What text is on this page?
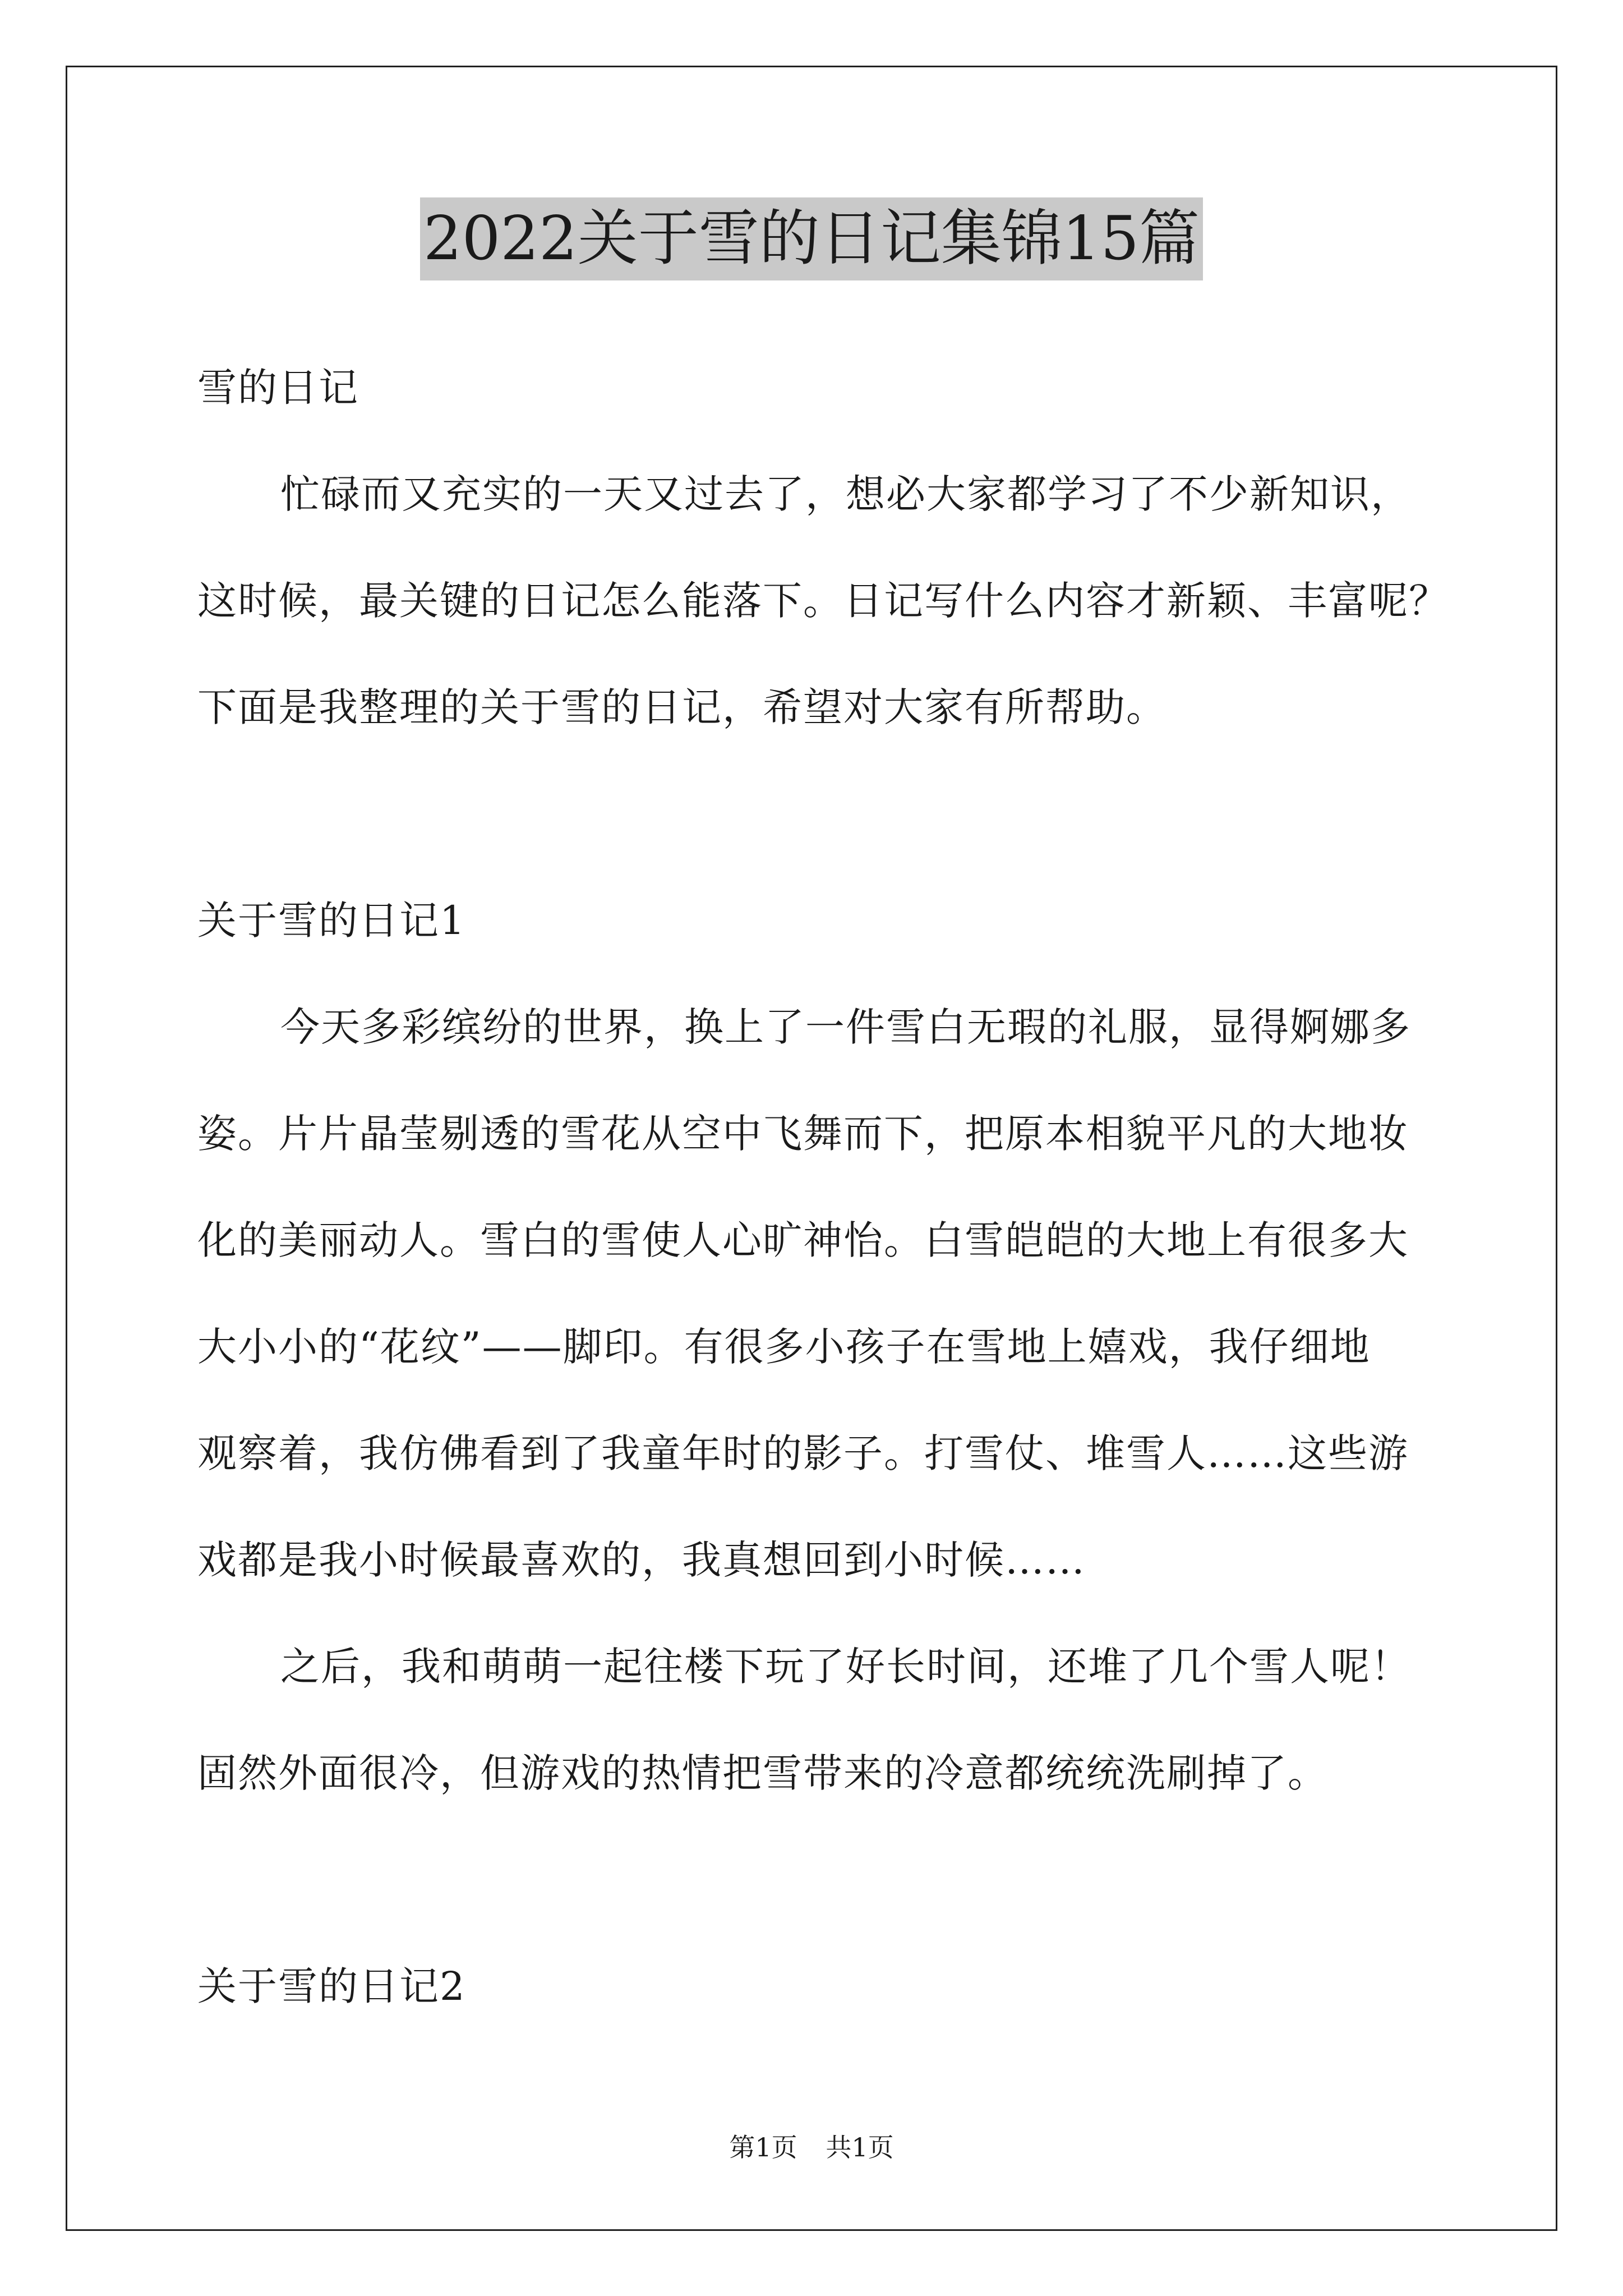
2022关于雪的日记集锦15篇
雪的日记
忙碌而又充实的一天又过去了，想必大家都学习了不少新知识，
这时候，最关键的日记怎么能落下。日记写什么内容才新颖、丰富呢？
下面是我整理的关于雪的日记，希望对大家有所帮助。
关于雪的日记1
今天多彩缤纷的世界，换上了一件雪白无瑕的礼服，显得婀娜多
姿。片片晶莹剔透的雪花从空中飞舞而下，把原本相貌平凡的大地妆
化的美丽动人。雪白的雪使人心旷神怡。白雪皑皑的大地上有很多大
大小小的“花纹”——脚印。有很多小孩子在雪地上嬉戏，我仔细地
观察着，我仿佛看到了我童年时的影子。打雪仗、堆雪人……这些游
戏都是我小时候最喜欢的，我真想回到小时候……
之后，我和萌萌一起往楼下玩了好长时间，还堆了几个雪人呢！
固然外面很冷，但游戏的热情把雪带来的冷意都统统洗刷掉了。
关于雪的日记2
第1页 共1页
